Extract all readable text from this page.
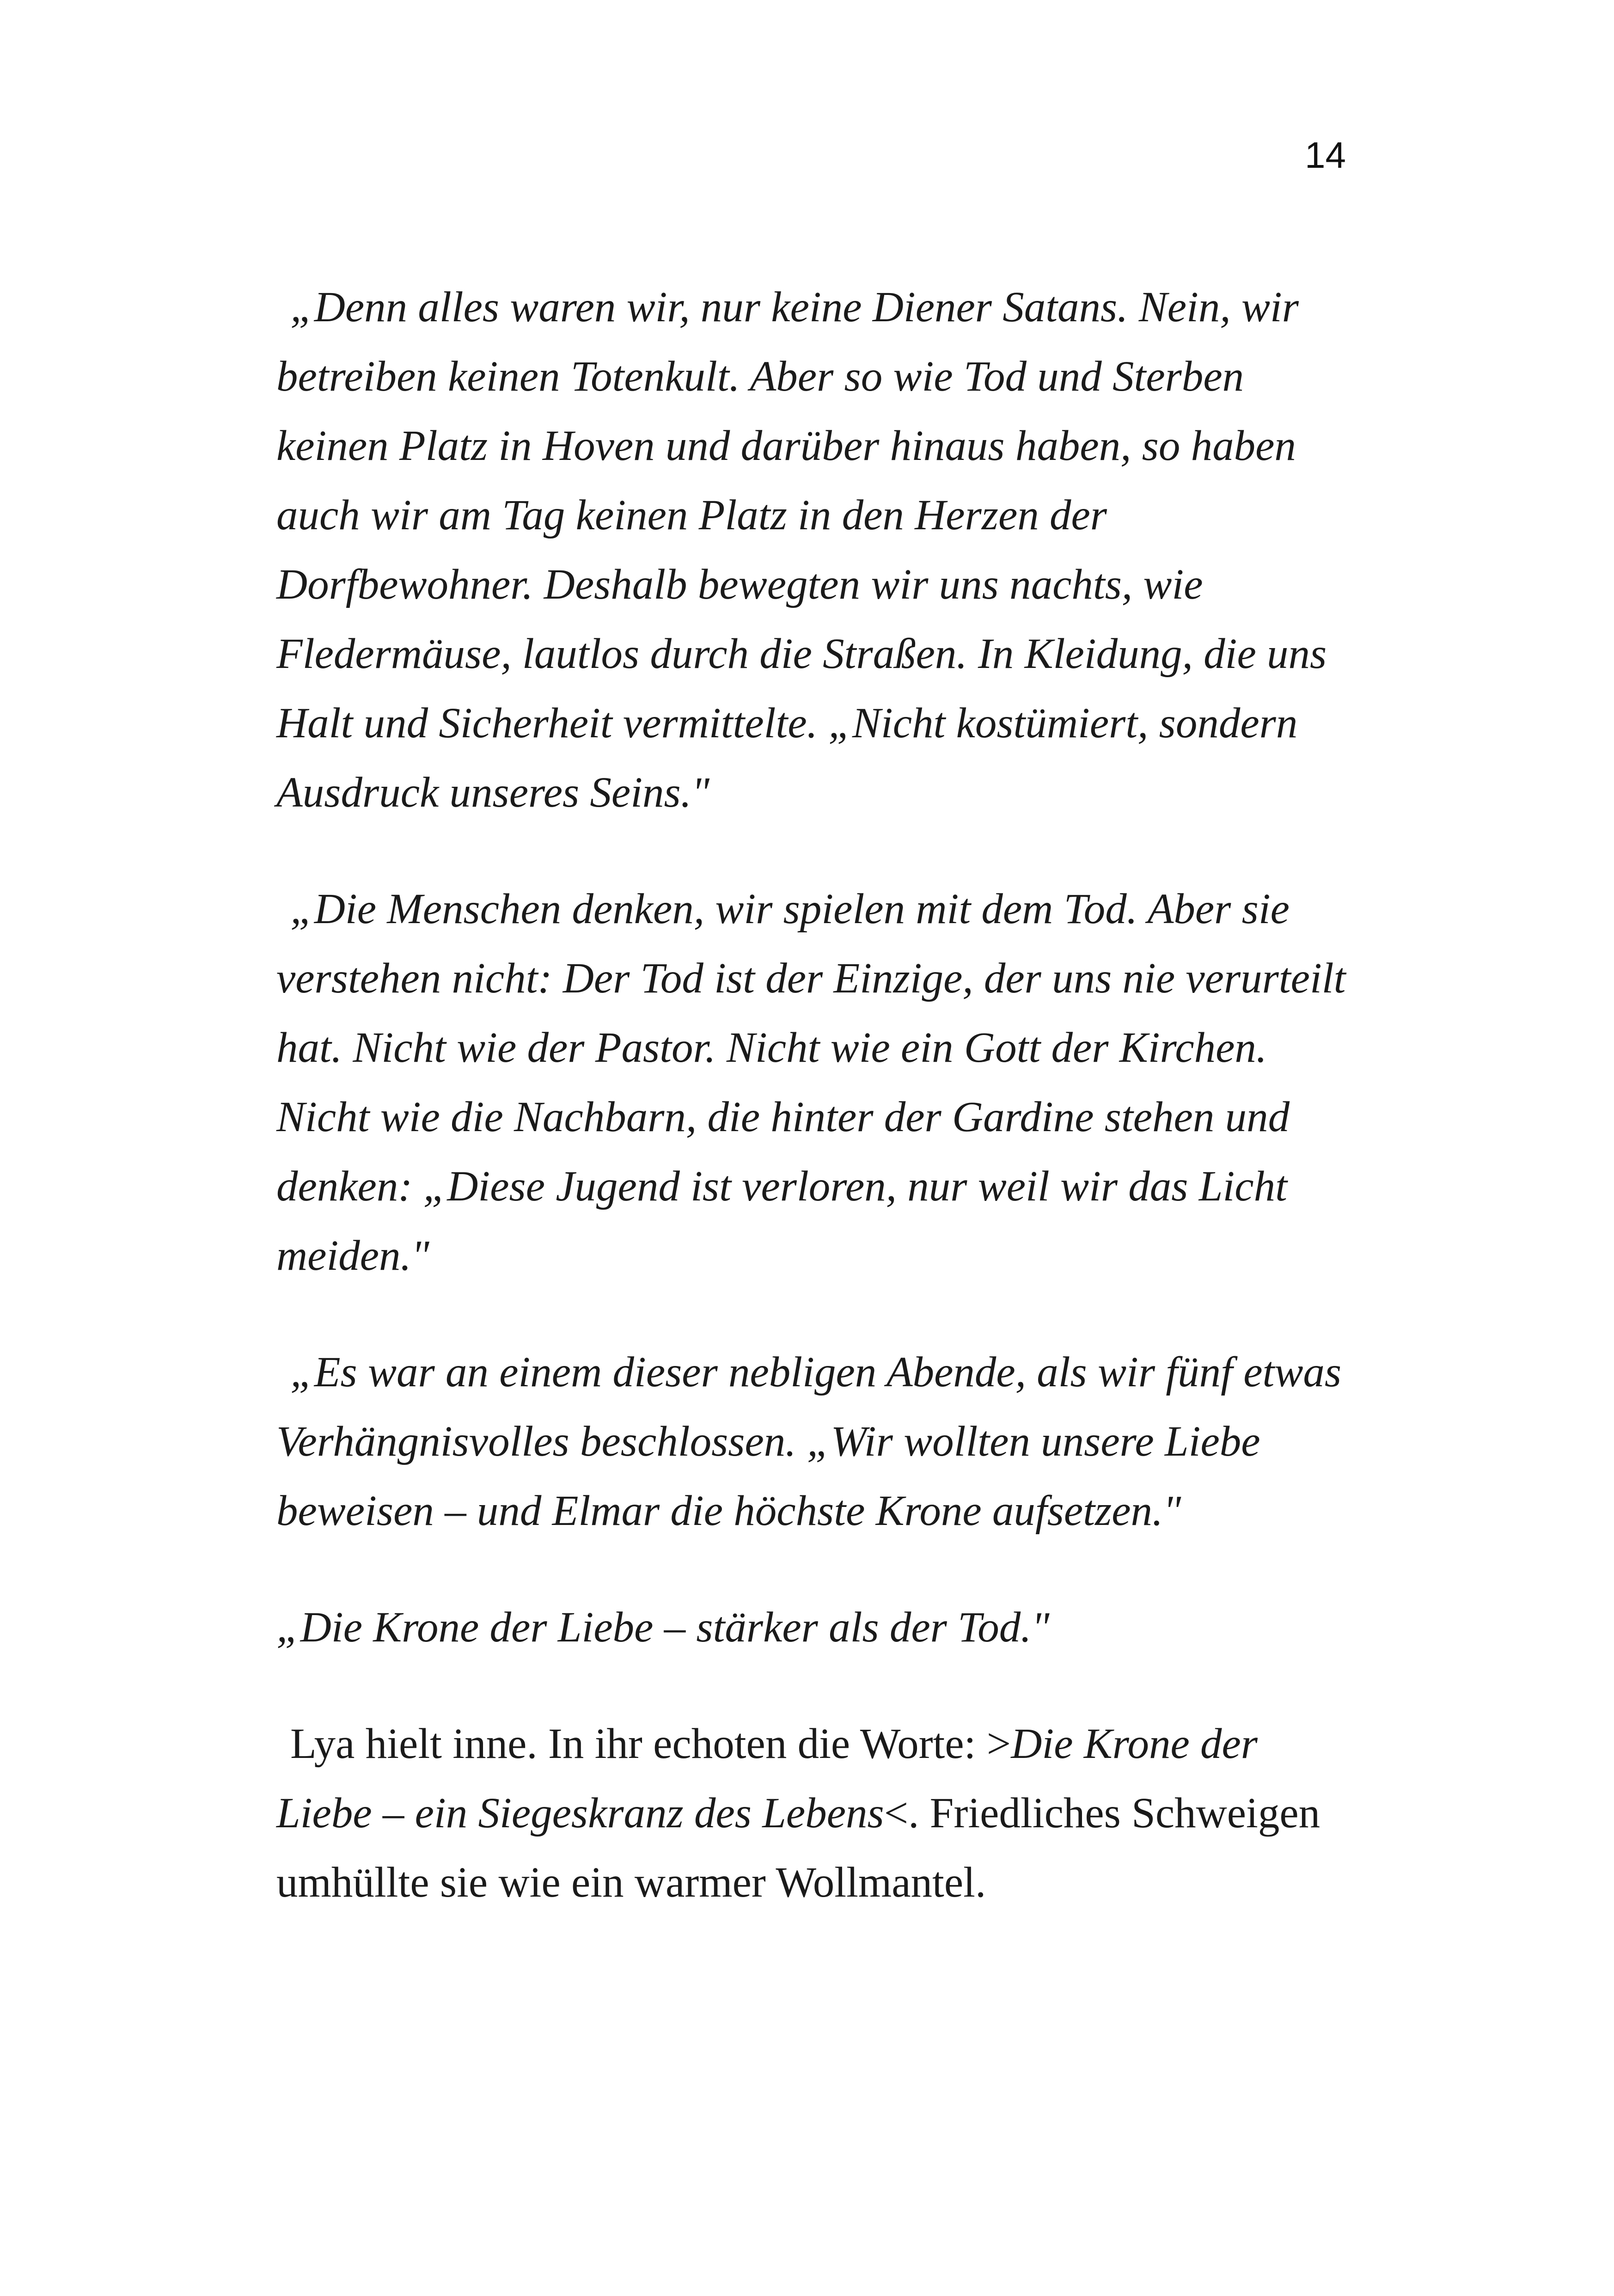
14

„Denn alles waren wir, nur keine Diener Satans. Nein, wir
betreiben keinen Totenkult. Aber so wie Tod und Sterben
keinen Platz in Hoven und darüber hinaus haben, so haben
auch wir am Tag keinen Platz in den Herzen der
Dorfbewohner. Deshalb bewegten wir uns nachts, wie
Fledermäuse, lautlos durch die Straßen. In Kleidung, die uns
Halt und Sicherheit vermittelte. „Nicht kostümiert, sondern
Ausdruck unseres Seins."

„Die Menschen denken, wir spielen mit dem Tod. Aber sie
verstehen nicht: Der Tod ist der Einzige, der uns nie verurteilt
hat. Nicht wie der Pastor. Nicht wie ein Gott der Kirchen.
Nicht wie die Nachbarn, die hinter der Gardine stehen und
denken: „Diese Jugend ist verloren, nur weil wir das Licht
meiden."

„Es war an einem dieser nebligen Abende, als wir fünf etwas
Verhängnisvolles beschlossen. „Wir wollten unsere Liebe
beweisen – und Elmar die höchste Krone aufsetzen."

„Die Krone der Liebe – stärker als der Tod."

Lya hielt inne. In ihr echoten die Worte: >Die Krone der
Liebe – ein Siegeskranz des Lebens<. Friedliches Schweigen
umhüllte sie wie ein warmer Wollmantel.
